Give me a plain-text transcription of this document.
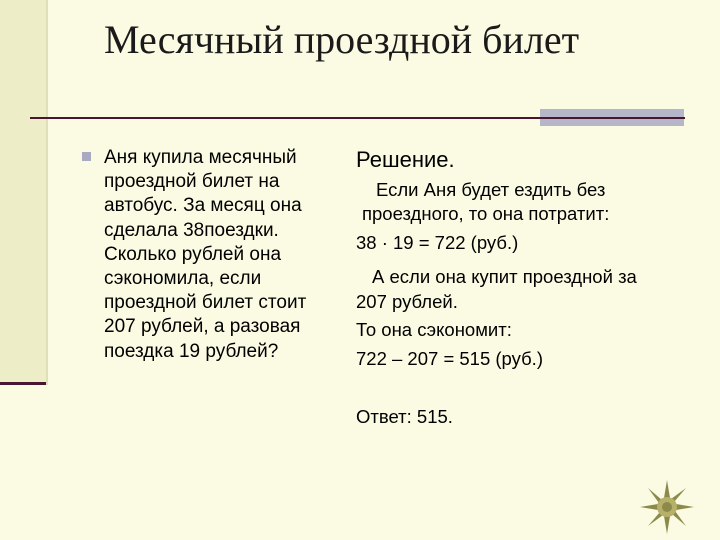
Месячный проездной билет
Аня купила месячный проездной билет на автобус. За месяц она сделала 38поездки. Сколько рублей она сэкономила, если проездной билет стоит 207 рублей, а разовая поездка 19 рублей?
Решение.
Если Аня будет ездить без
проездного, то она потратит:
38 · 19 = 722 (руб.)
А если она купит проездной за
207 рублей.
То она сэкономит:
722 – 207 = 515 (руб.)
Ответ: 515.
